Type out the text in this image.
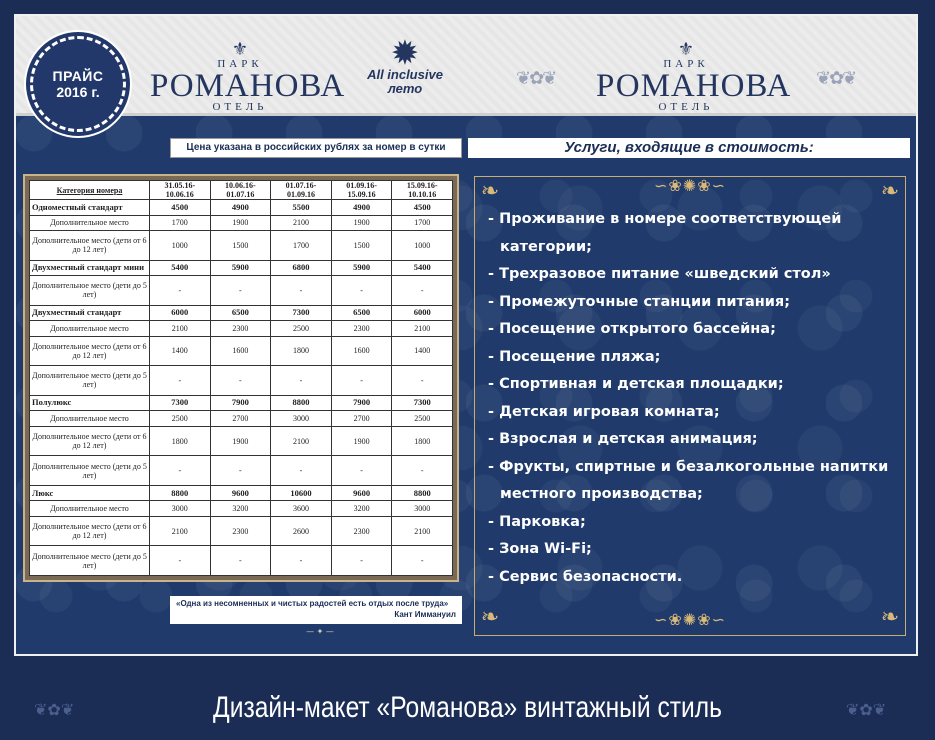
❦✿❦	❦✿❦
ПРАЙС
2016 г.
⚜
ПАРК
РОМАНОВА
ОТЕЛЬ
✹
All inclusive
лето
⚜
ПАРК
РОМАНОВА
ОТЕЛЬ
Цена указана в российских рублях за номер в сутки	Услуги, входящие в стоимость:
Категория номера	31.05.16- 10.06.16	10.06.16- 01.07.16	01.07.16- 01.09.16	01.09.16- 15.09.16	15.09.16- 10.10.16
Одноместный стандарт	4500	4900	5500	4900	4500
Дополнительное место	1700	1900	2100	1900	1700
Дополнительное место (дети от 6 до 12 лет)	1000	1500	1700	1500	1000
Двухместный стандарт мини	5400	5900	6800	5900	5400
Дополнительное место (дети до 5 лет)	-	-	-	-	-
Двухместный стандарт	6000	6500	7300	6500	6000
Дополнительное место	2100	2300	2500	2300	2100
Дополнительное место (дети от 6 до 12 лет)	1400	1600	1800	1600	1400
Дополнительное место (дети до 5 лет)	-	-	-	-	-
Полулюкс	7300	7900	8800	7900	7300
Дополнительное место	2500	2700	3000	2700	2500
Дополнительное место (дети от 6 до 12 лет)	1800	1900	2100	1900	1800
Дополнительное место (дети до 5 лет)	-	-	-	-	-
Люкс	8800	9600	10600	9600	8800
Дополнительное место	3000	3200	3600	3200	3000
Дополнительное место (дети от 6 до 12 лет)	2100	2300	2600	2300	2100
Дополнительное место (дети до 5 лет)	-	-	-	-	-
«Одна из несомненных и чистых радостей есть отдых после труда»
Кант Иммануил
— ✦ —
❧	❧
❧	❧
∽❀✺❀∽
∽❀✺❀∽
- Проживание в номере соответствующей
категории;
- Трехразовое питание «шведский стол»
- Промежуточные станции питания;
- Посещение открытого бассейна;
- Посещение пляжа;
- Спортивная и детская площадки;
- Детская игровая комната;
- Взрослая и детская анимация;
- Фрукты, спиртные и безалкогольные напитки
местного производства;
- Парковка;
- Зона Wi-Fi;
- Сервис безопасности.
❦✿❦	❦✿❦
Дизайн-макет «Романова» винтажный стиль
